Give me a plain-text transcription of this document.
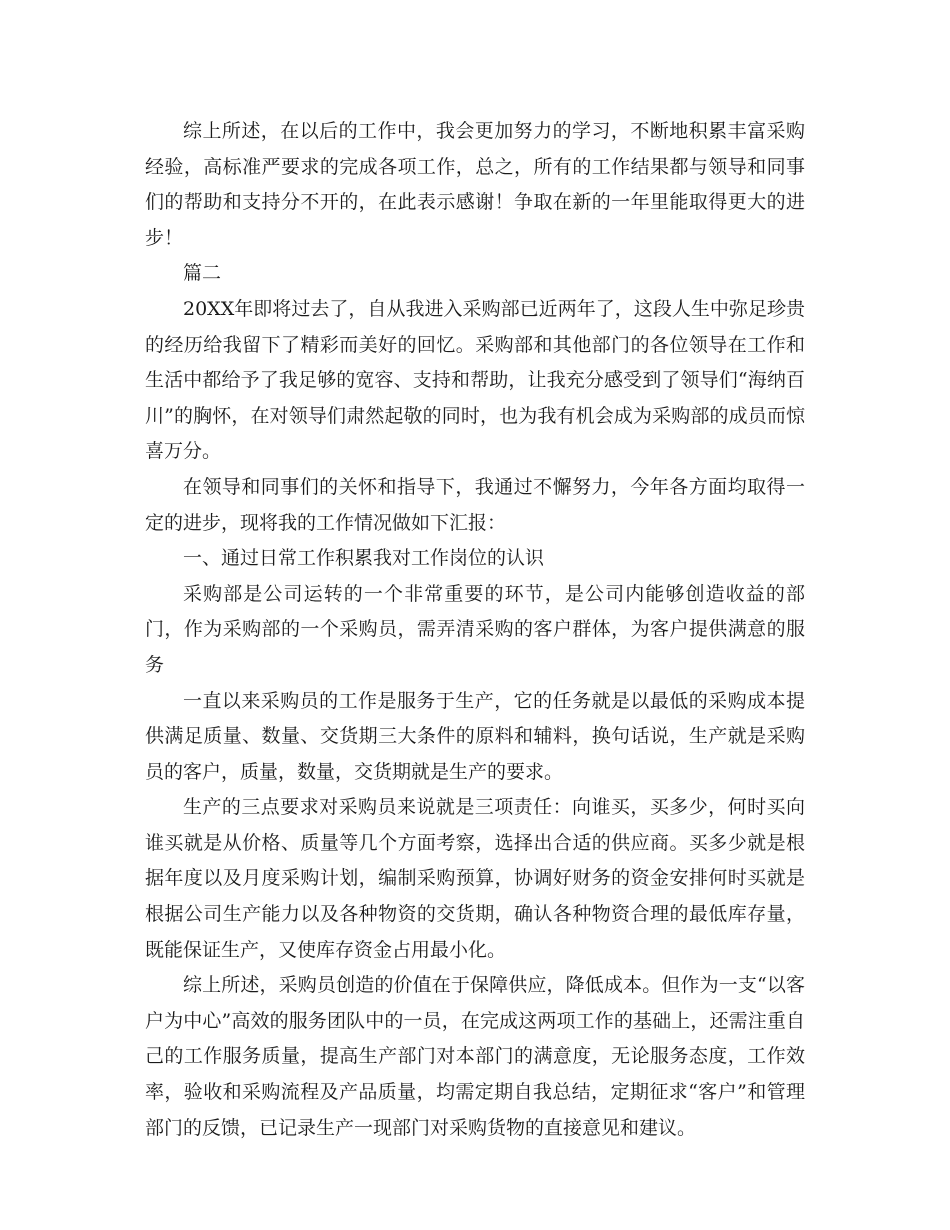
综上所述，在以后的工作中，我会更加努力的学习，不断地积累丰富采购经验，高标准严要求的完成各项工作，总之，所有的工作结果都与领导和同事们的帮助和支持分不开的，在此表示感谢！争取在新的一年里能取得更大的进步！

篇二

20XX年即将过去了，自从我进入采购部已近两年了，这段人生中弥足珍贵的经历给我留下了精彩而美好的回忆。采购部和其他部门的各位领导在工作和生活中都给予了我足够的宽容、支持和帮助，让我充分感受到了领导们“海纳百川”的胸怀，在对领导们肃然起敬的同时，也为我有机会成为采购部的成员而惊喜万分。

在领导和同事们的关怀和指导下，我通过不懈努力，今年各方面均取得一定的进步，现将我的工作情况做如下汇报：

一、通过日常工作积累我对工作岗位的认识

采购部是公司运转的一个非常重要的环节，是公司内能够创造收益的部门，作为采购部的一个采购员，需弄清采购的客户群体，为客户提供满意的服务

一直以来采购员的工作是服务于生产，它的任务就是以最低的采购成本提供满足质量、数量、交货期三大条件的原料和辅料，换句话说，生产就是采购员的客户，质量，数量，交货期就是生产的要求。

生产的三点要求对采购员来说就是三项责任：向谁买，买多少，何时买向谁买就是从价格、质量等几个方面考察，选择出合适的供应商。买多少就是根据年度以及月度采购计划，编制采购预算，协调好财务的资金安排何时买就是根据公司生产能力以及各种物资的交货期，确认各种物资合理的最低库存量，既能保证生产，又使库存资金占用最小化。

综上所述，采购员创造的价值在于保障供应，降低成本。但作为一支“以客户为中心”高效的服务团队中的一员，在完成这两项工作的基础上，还需注重自己的工作服务质量，提高生产部门对本部门的满意度，无论服务态度，工作效率，验收和采购流程及产品质量，均需定期自我总结，定期征求“客户”和管理部门的反馈，已记录生产一现部门对采购货物的直接意见和建议。
